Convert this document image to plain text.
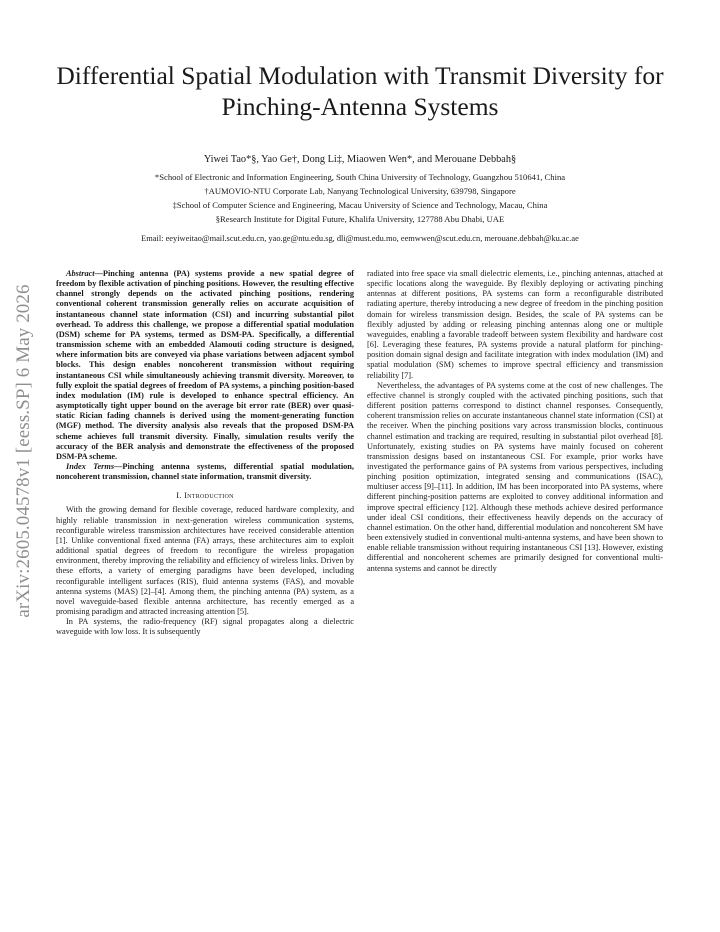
Differential Spatial Modulation with Transmit Diversity for Pinching-Antenna Systems
Yiwei Tao*§, Yao Ge†, Dong Li‡, Miaowen Wen*, and Merouane Debbah§
*School of Electronic and Information Engineering, South China University of Technology, Guangzhou 510641, China
†AUMOVIO-NTU Corporate Lab, Nanyang Technological University, 639798, Singapore
‡School of Computer Science and Engineering, Macau University of Science and Technology, Macau, China
§Research Institute for Digital Future, Khalifa University, 127788 Abu Dhabi, UAE
Email: eeyiweitao@mail.scut.edu.cn, yao.ge@ntu.edu.sg, dli@must.edu.mo, eemwwen@scut.edu.cn, merouane.debbah@ku.ac.ae
arXiv:2605.04578v1 [eess.SP] 6 May 2026

Abstract—Pinching antenna (PA) systems provide a new spatial degree of freedom by flexible activation of pinching positions. However, the resulting effective channel strongly depends on the activated pinching positions, rendering conventional coherent transmission generally relies on accurate acquisition of instantaneous channel state information (CSI) and incurring substantial pilot overhead. To address this challenge, we propose a differential spatial modulation (DSM) scheme for PA systems, termed as DSM-PA. Specifically, a differential transmission scheme with an embedded Alamouti coding structure is designed, where information bits are conveyed via phase variations between adjacent symbol blocks. This design enables noncoherent transmission without requiring instantaneous CSI while simultaneously achieving transmit diversity. Moreover, to fully exploit the spatial degrees of freedom of PA systems, a pinching position-based index modulation (IM) rule is developed to enhance spectral efficiency. An asymptotically tight upper bound on the average bit error rate (BER) over quasi-static Rician fading channels is derived using the moment-generating function (MGF) method. The diversity analysis also reveals that the proposed DSM-PA scheme achieves full transmit diversity. Finally, simulation results verify the accuracy of the BER analysis and demonstrate the effectiveness of the proposed DSM-PA scheme.

Index Terms—Pinching antenna systems, differential spatial modulation, noncoherent transmission, channel state information, transmit diversity.

I. Introduction

With the growing demand for flexible coverage, reduced hardware complexity, and highly reliable transmission in next-generation wireless communication systems, reconfigurable wireless transmission architectures have received considerable attention [1]. Unlike conventional fixed antenna (FA) arrays, these architectures aim to exploit additional spatial degrees of freedom to reconfigure the wireless propagation environment, thereby improving the reliability and efficiency of wireless links. Driven by these efforts, a variety of emerging paradigms have been developed, including reconfigurable intelligent surfaces (RIS), fluid antenna systems (FAS), and movable antenna systems (MAS) [2]–[4]. Among them, the pinching antenna (PA) system, as a novel waveguide-based flexible antenna architecture, has recently emerged as a promising paradigm and attracted increasing attention [5].

In PA systems, the radio-frequency (RF) signal propagates along a dielectric waveguide with low loss. It is subsequently

radiated into free space via small dielectric elements, i.e., pinching antennas, attached at specific locations along the waveguide. By flexibly deploying or activating pinching antennas at different positions, PA systems can form a reconfigurable distributed radiating aperture, thereby introducing a new degree of freedom in the pinching position domain for wireless transmission design. Besides, the scale of PA systems can be flexibly adjusted by adding or releasing pinching antennas along one or multiple waveguides, enabling a favorable tradeoff between system flexibility and hardware cost [6]. Leveraging these features, PA systems provide a natural platform for pinching-position domain signal design and facilitate integration with index modulation (IM) and spatial modulation (SM) schemes to improve spectral efficiency and transmission reliability [7].

Nevertheless, the advantages of PA systems come at the cost of new challenges. The effective channel is strongly coupled with the activated pinching positions, such that different position patterns correspond to distinct channel responses. Consequently, coherent transmission relies on accurate instantaneous channel state information (CSI) at the receiver. When the pinching positions vary across transmission blocks, continuous channel estimation and tracking are required, resulting in substantial pilot overhead [8]. Unfortunately, existing studies on PA systems have mainly focused on coherent transmission designs based on instantaneous CSI. For example, prior works have investigated the performance gains of PA systems from various perspectives, including pinching position optimization, integrated sensing and communications (ISAC), multiuser access [9]–[11]. In addition, IM has been incorporated into PA systems, where different pinching-position patterns are exploited to convey additional information and improve spectral efficiency [12]. Although these methods achieve desired performance under ideal CSI conditions, their effectiveness heavily depends on the accuracy of channel estimation. On the other hand, differential modulation and noncoherent SM have been extensively studied in conventional multi-antenna systems, and have been shown to enable reliable transmission without requiring instantaneous CSI [13]. However, existing differential and noncoherent schemes are primarily designed for conventional multi-antenna systems and cannot be directly
